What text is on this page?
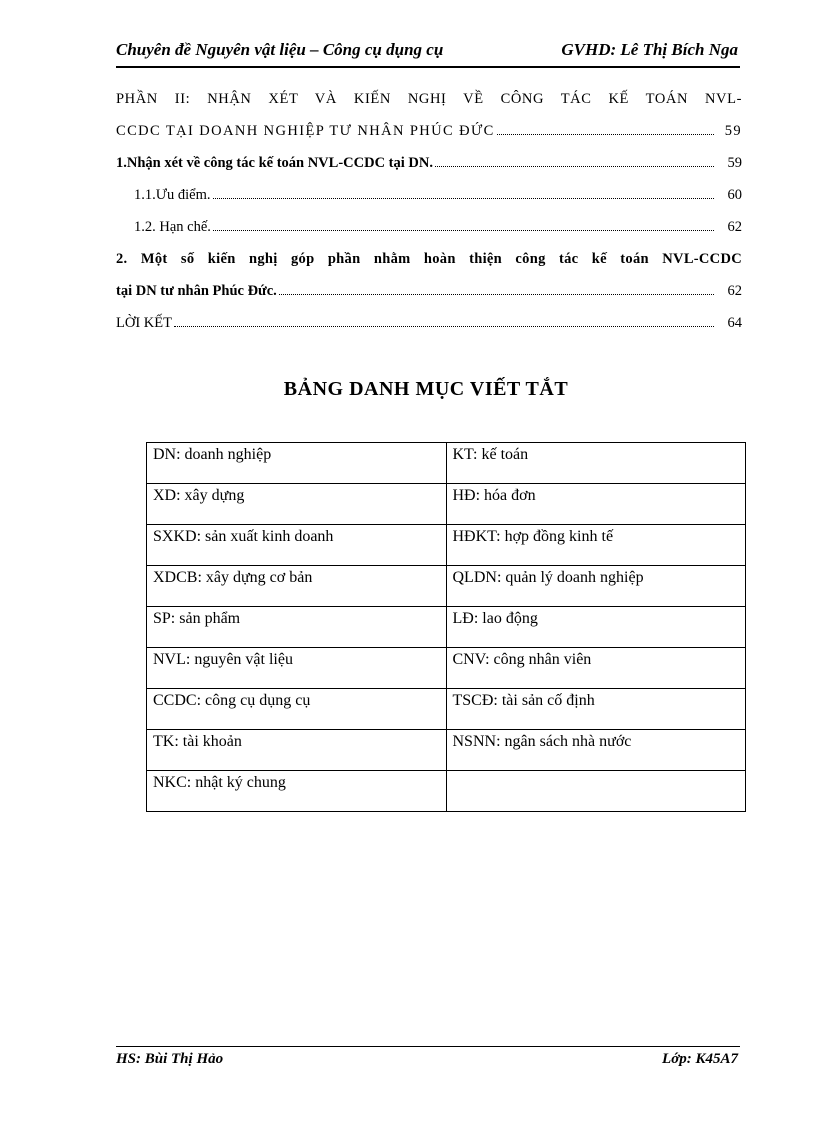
Chuyên đề Nguyên vật liệu – Công cụ dụng cụ	GVHD: Lê Thị Bích Nga
PHẦN II: NHẬN XÉT VÀ KIẾN NGHỊ VỀ CÔNG TÁC KẾ TOÁN NVL-
CCDC TẠI DOANH NGHIỆP TƯ NHÂN PHÚC ĐỨC	59
1.Nhận xét về công tác kế toán NVL-CCDC tại DN.	59
1.1.Ưu điểm.	60
1.2. Hạn chế.	62
2. Một số kiến nghị góp phần nhằm hoàn thiện công tác kế toán NVL-CCDC
tại DN tư nhân Phúc Đức.	62
LỜI KẾT	64
BẢNG DANH MỤC VIẾT TẮT
DN: doanh nghiệp	KT: kế toán
XD: xây dựng	HĐ: hóa đơn
SXKD: sản xuất kinh doanh	HĐKT: hợp đồng kinh tế
XDCB: xây dựng cơ bản	QLDN: quản lý doanh nghiệp
SP: sản phẩm	LĐ: lao động
NVL: nguyên vật liệu	CNV: công nhân viên
CCDC: công cụ dụng cụ	TSCĐ: tài sản cố định
TK: tài khoản	NSNN: ngân sách nhà nước
NKC: nhật ký chung	
HS: Bùi Thị Hảo	Lớp: K45A7
